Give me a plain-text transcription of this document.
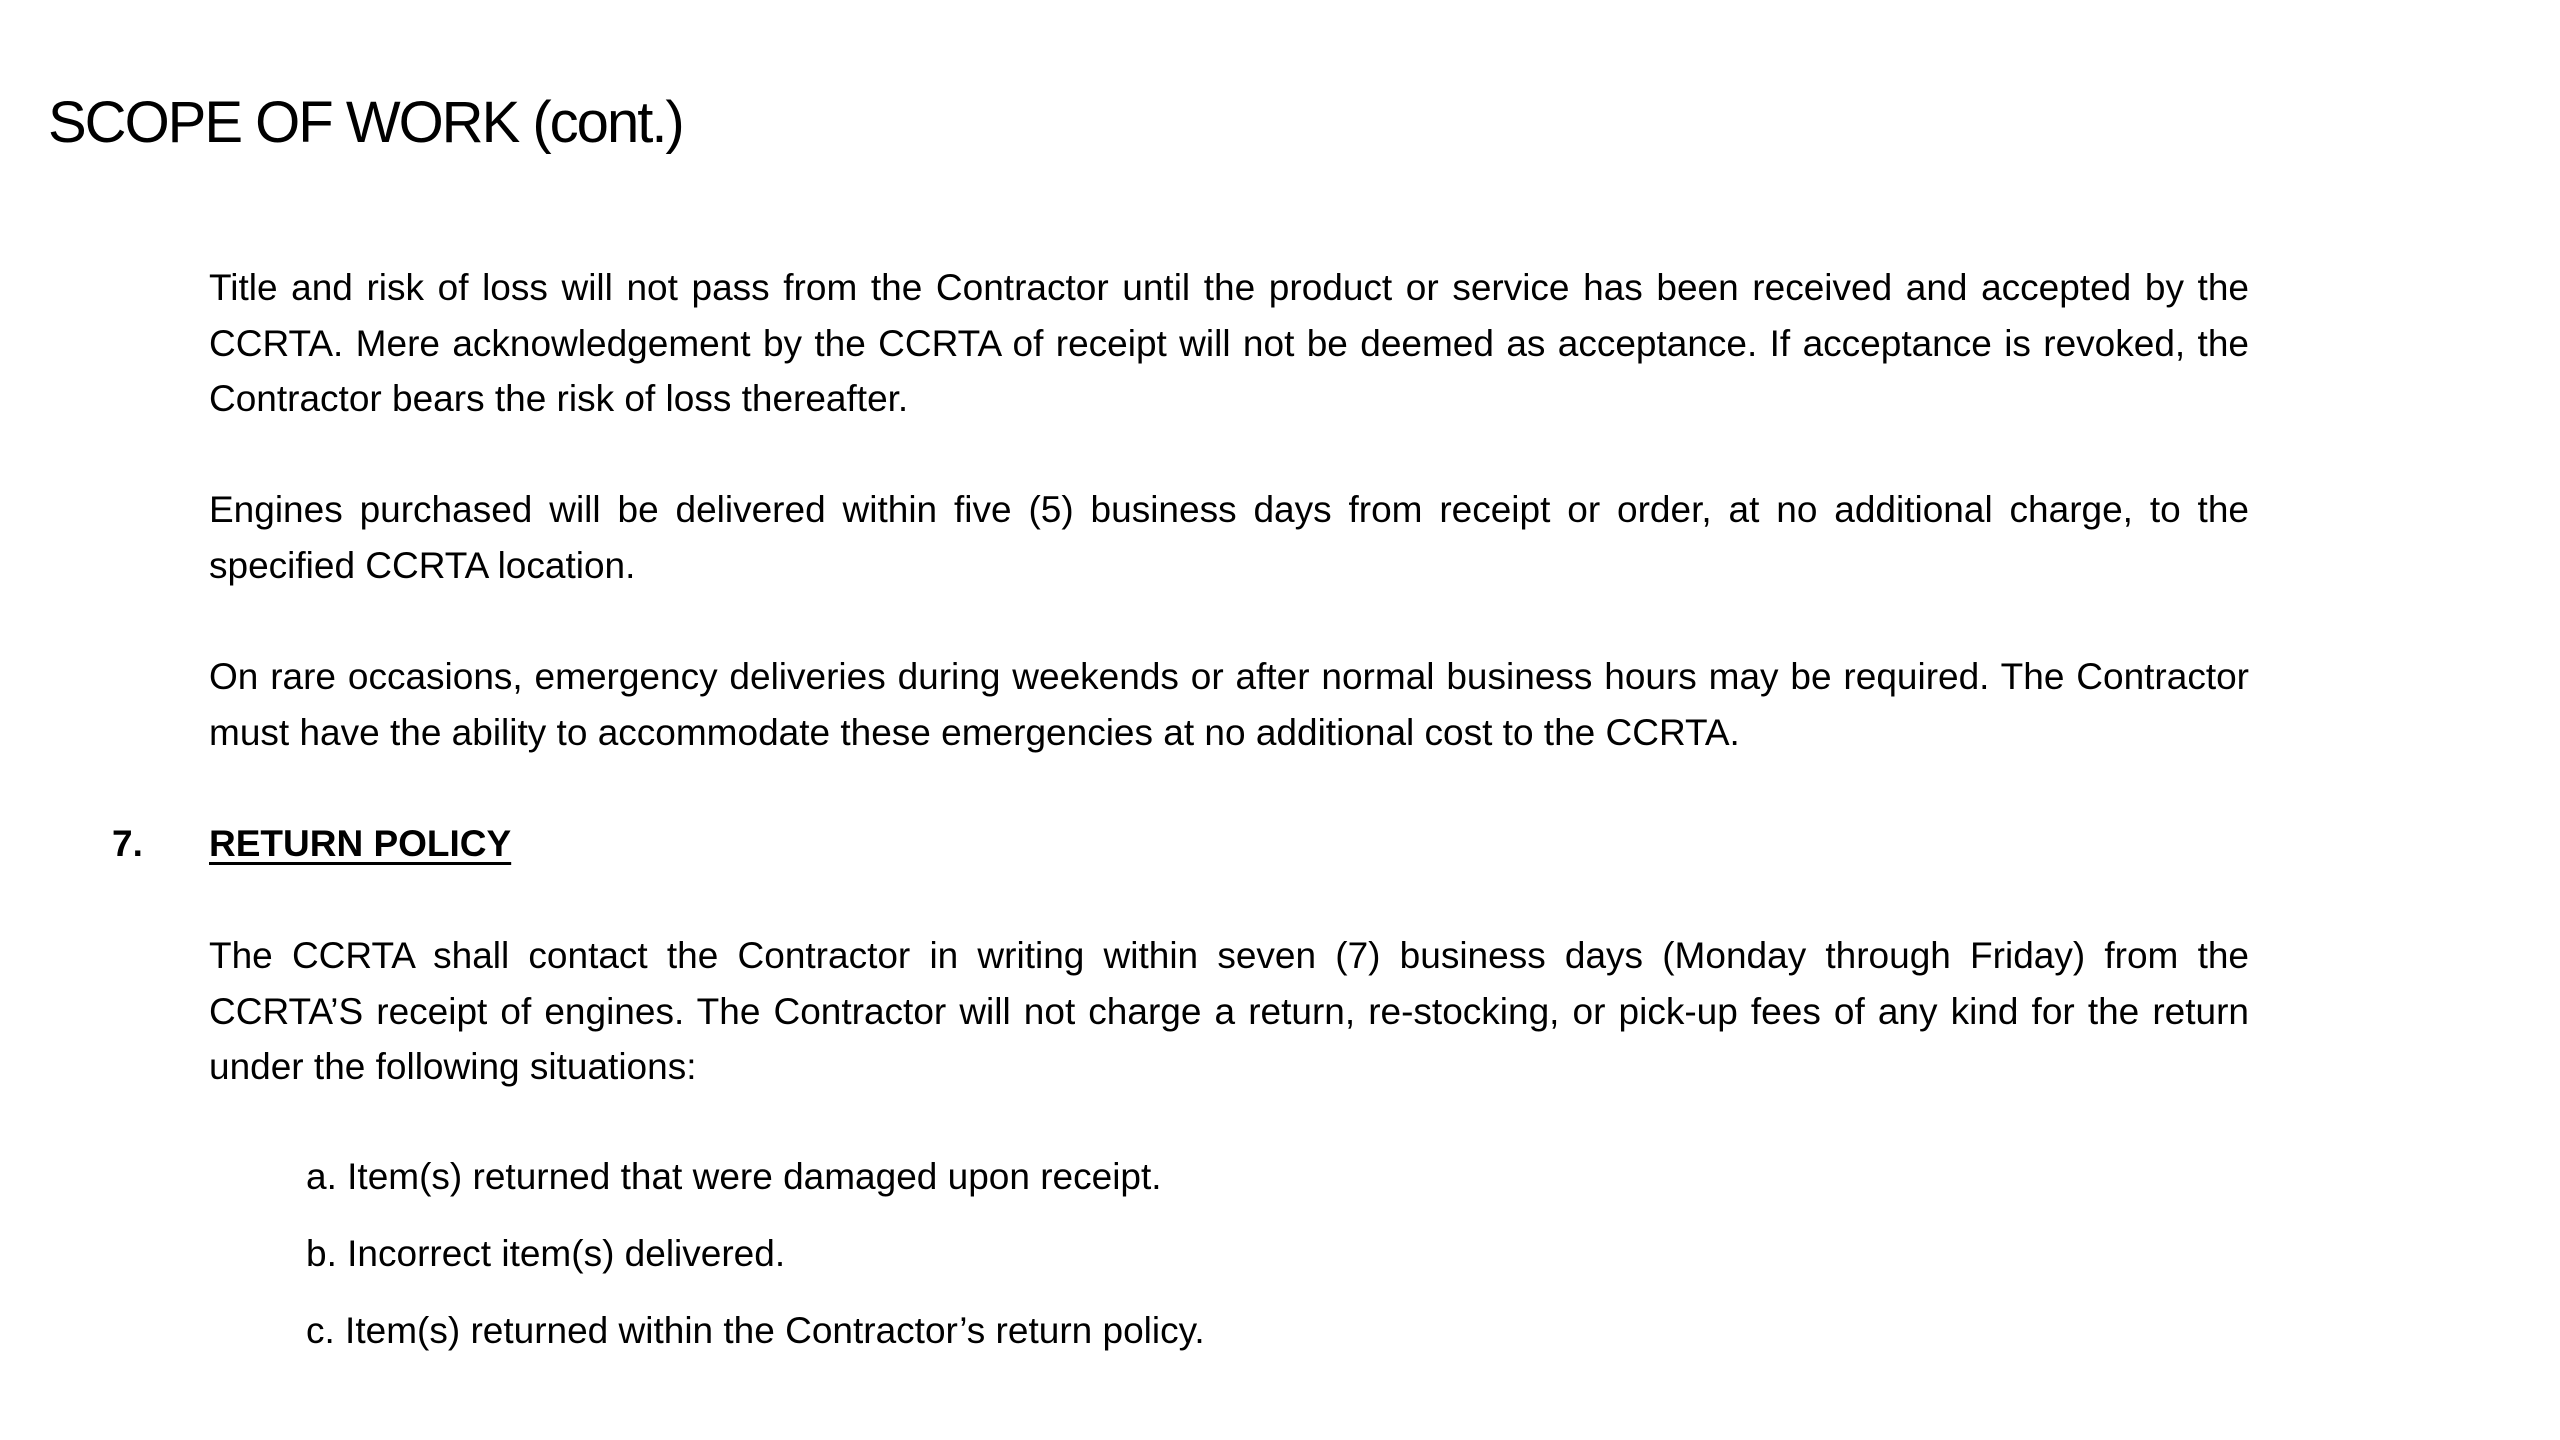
SCOPE OF WORK (cont.)

Title and risk of loss will not pass from the Contractor until the product or service has been received and accepted by the CCRTA. Mere acknowledgement by the CCRTA of receipt will not be deemed as acceptance. If acceptance is revoked, the Contractor bears the risk of loss thereafter.

Engines purchased will be delivered within five (5) business days from receipt or order, at no additional charge, to the specified CCRTA location.

On rare occasions, emergency deliveries during weekends or after normal business hours may be required. The Contractor must have the ability to accommodate these emergencies at no additional cost to the CCRTA.

7. RETURN POLICY

The CCRTA shall contact the Contractor in writing within seven (7) business days (Monday through Friday) from the CCRTA’S receipt of engines. The Contractor will not charge a return, re-stocking, or pick-up fees of any kind for the return under the following situations:

a. Item(s) returned that were damaged upon receipt.
b. Incorrect item(s) delivered.
c. Item(s) returned within the Contractor’s return policy.
